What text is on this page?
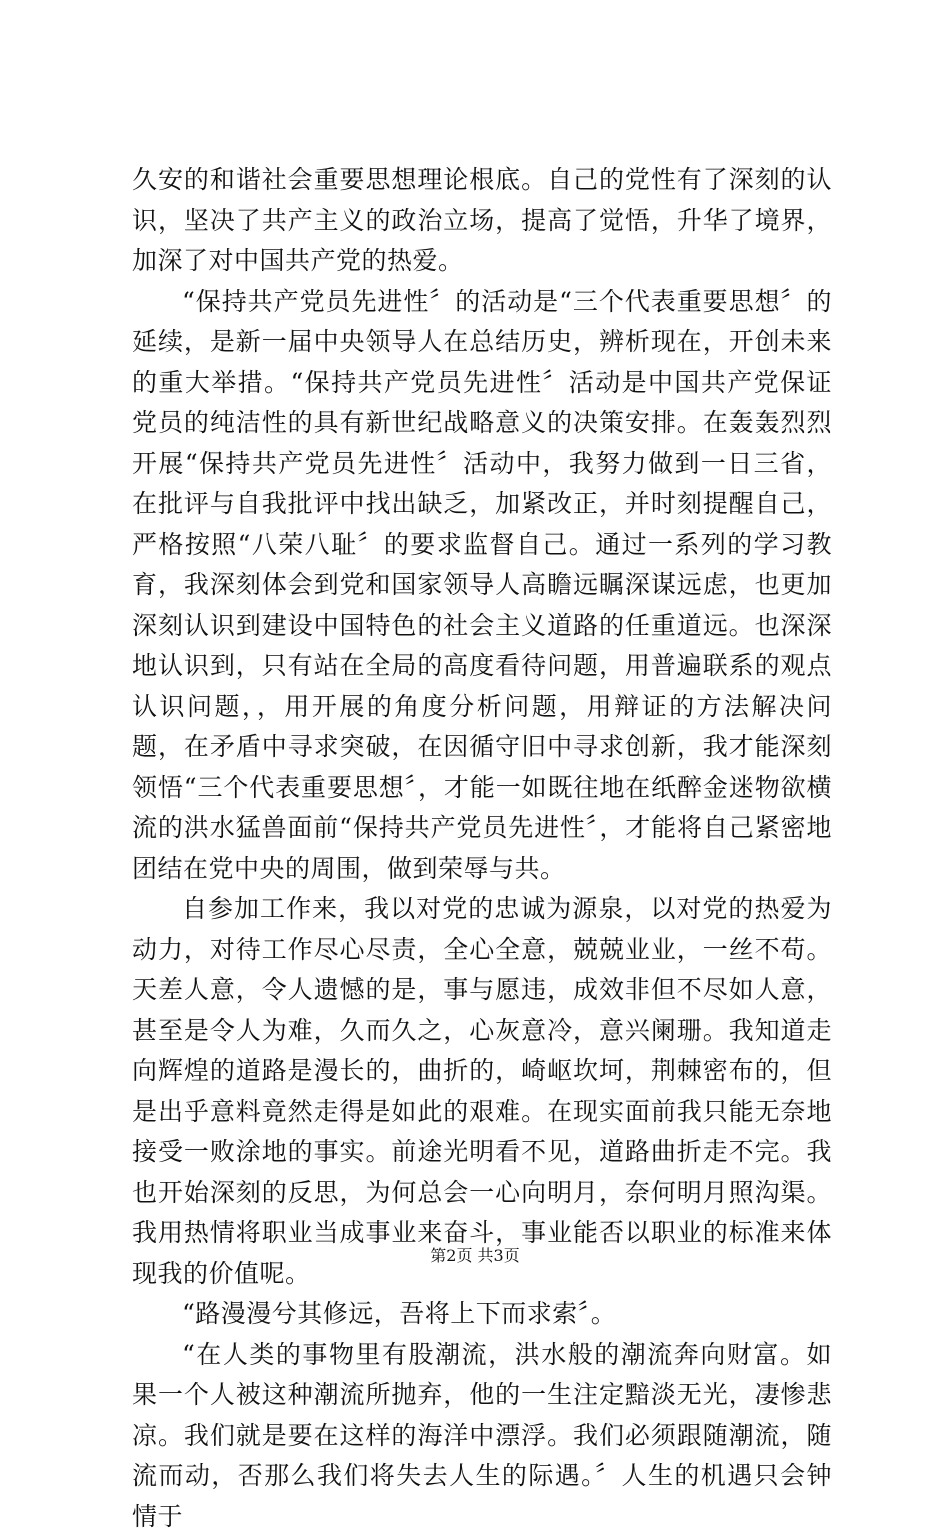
久安的和谐社会重要思想理论根底。自己的党性有了深刻的认识，坚决了共产主义的政治立场，提高了觉悟，升华了境界，加深了对中国共产党的热爱。

“保持共产党员先进性〞的活动是“三个代表重要思想〞的延续，是新一届中央领导人在总结历史，辨析现在，开创未来的重大举措。“保持共产党员先进性〞活动是中国共产党保证党员的纯洁性的具有新世纪战略意义的决策安排。在轰轰烈烈开展“保持共产党员先进性〞活动中，我努力做到一日三省，在批评与自我批评中找出缺乏，加紧改正，并时刻提醒自己，严格按照“八荣八耻〞的要求监督自己。通过一系列的学习教育，我深刻体会到党和国家领导人高瞻远瞩深谋远虑，也更加深刻认识到建设中国特色的社会主义道路的任重道远。也深深地认识到，只有站在全局的高度看待问题，用普遍联系的观点认识问题，，用开展的角度分析问题，用辩证的方法解决问题，在矛盾中寻求突破，在因循守旧中寻求创新，我才能深刻领悟“三个代表重要思想〞，才能一如既往地在纸醉金迷物欲横流的洪水猛兽面前“保持共产党员先进性〞，才能将自己紧密地团结在党中央的周围，做到荣辱与共。

自参加工作来，我以对党的忠诚为源泉，以对党的热爱为动力，对待工作尽心尽责，全心全意，兢兢业业，一丝不苟。天差人意，令人遗憾的是，事与愿违，成效非但不尽如人意，甚至是令人为难，久而久之，心灰意冷，意兴阑珊。我知道走向辉煌的道路是漫长的，曲折的，崎岖坎坷，荆棘密布的，但是出乎意料竟然走得是如此的艰难。在现实面前我只能无奈地接受一败涂地的事实。前途光明看不见，道路曲折走不完。我也开始深刻的反思，为何总会一心向明月，奈何明月照沟渠。我用热情将职业当成事业来奋斗，事业能否以职业的标准来体现我的价值呢。

“路漫漫兮其修远，吾将上下而求索〞。

“在人类的事物里有股潮流，洪水般的潮流奔向财富。如果一个人被这种潮流所抛弃，他的一生注定黯淡无光，凄惨悲凉。我们就是要在这样的海洋中漂浮。我们必须跟随潮流，随流而动，否那么我们将失去人生的际遇。〞人生的机遇只会钟情于

第2页 共3页
